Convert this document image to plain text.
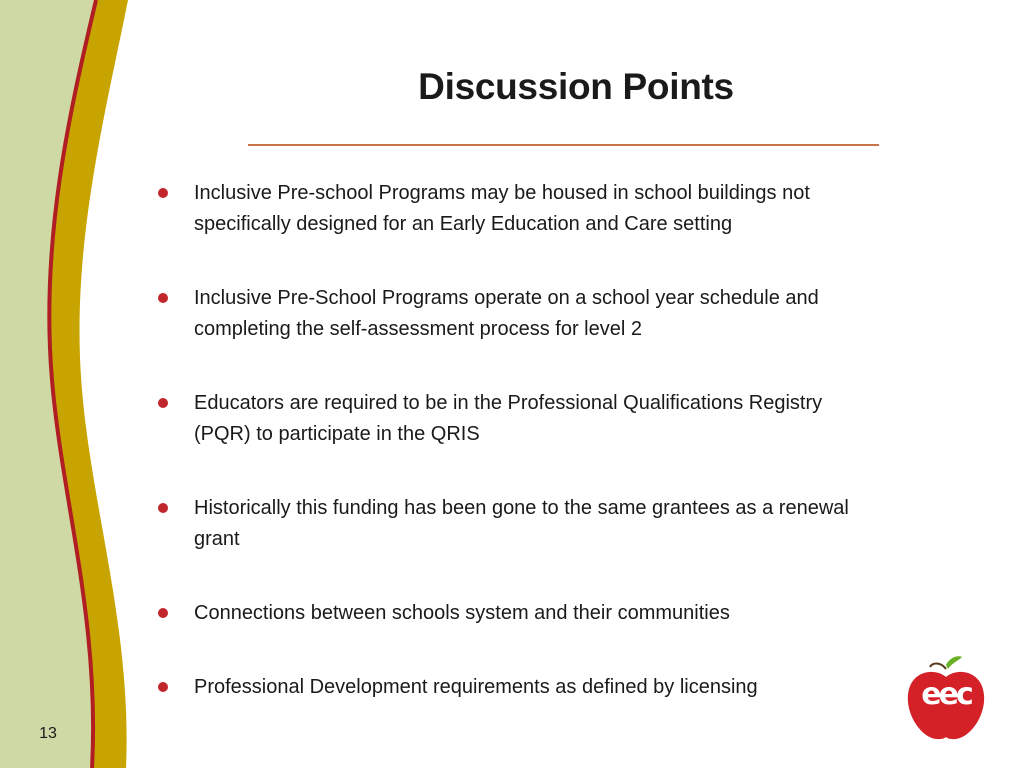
Discussion Points
Inclusive Pre-school Programs may be housed in school buildings not specifically designed for an Early Education and Care setting
Inclusive Pre-School Programs operate on a school year schedule and completing the self-assessment process for level 2
Educators are required to be in the Professional Qualifications Registry (PQR) to participate in the QRIS
Historically this funding has been gone to the same grantees as a renewal grant
Connections between schools system and their communities
Professional Development requirements as defined by licensing
13
eec
